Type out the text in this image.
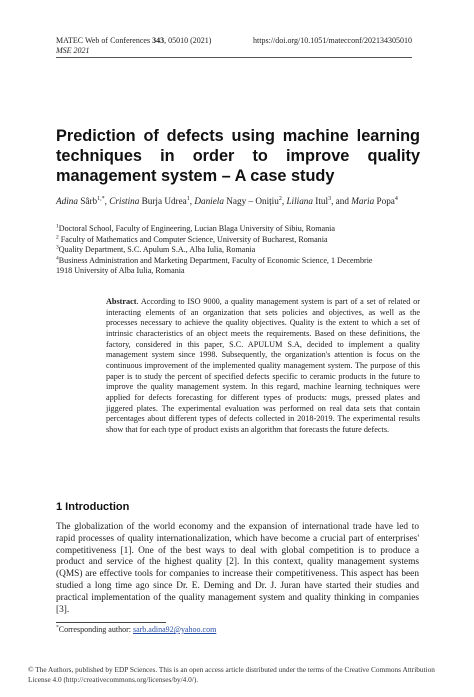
MATEC Web of Conferences 343, 05010 (2021)	https://doi.org/10.1051/matecconf/202134305010
MSE 2021
Prediction of defects using machine learning techniques in order to improve quality management system – A case study
Adina Sârb$^{1,*}$, Cristina Burja Udrea$^1$, Daniela Nagy – Onițiu$^2$, Liliana Itul$^3$, and Maria Popa$^4$
$^1$Doctoral School, Faculty of Engineering, Lucian Blaga University of Sibiu, Romania
$^2$ Faculty of Mathematics and Computer Science, University of Bucharest, Romania
$^3$Quality Department, S.C. Apulum S.A., Alba Iulia, Romania
$^4$Business Administration and Marketing Department, Faculty of Economic Science, 1 Decembrie
1918 University of Alba Iulia, Romania
Abstract. According to ISO 9000, a quality management system is part of a set of related or interacting elements of an organization that sets policies and objectives, as well as the processes necessary to achieve the quality objectives. Quality is the extent to which a set of intrinsic characteristics of an object meets the requirements. Based on these definitions, the factory, considered in this paper, S.C. APULUM S.A, decided to implement a quality management system since 1998. Subsequently, the organization's attention is focus on the continuous improvement of the implemented quality management system. The purpose of this paper is to study the percent of specified defects specific to ceramic products in the future to improve the quality management system. In this regard, machine learning techniques were applied for defects forecasting for different types of products: mugs, pressed plates and jiggered plates. The experimental evaluation was performed on real data sets that contain percentages about different types of defects collected in 2018-2019. The experimental results show that for each type of product exists an algorithm that forecasts the future defects.
1 Introduction
The globalization of the world economy and the expansion of international trade have led to rapid processes of quality internationalization, which have become a crucial part of enterprises' competitiveness [1]. One of the best ways to deal with global competition is to produce a product and service of the highest quality [2]. In this context, quality management systems (QMS) are effective tools for companies to increase their competitiveness. This aspect has been studied a long time ago since Dr. E. Deming and Dr. J. Juran have started their studies and practical implementation of the quality management system and quality thinking in companies [3].
*Corresponding author: sarb.adina92@yahoo.com
© The Authors, published by EDP Sciences. This is an open access article distributed under the terms of the Creative Commons Attribution License 4.0 (http://creativecommons.org/licenses/by/4.0/).
